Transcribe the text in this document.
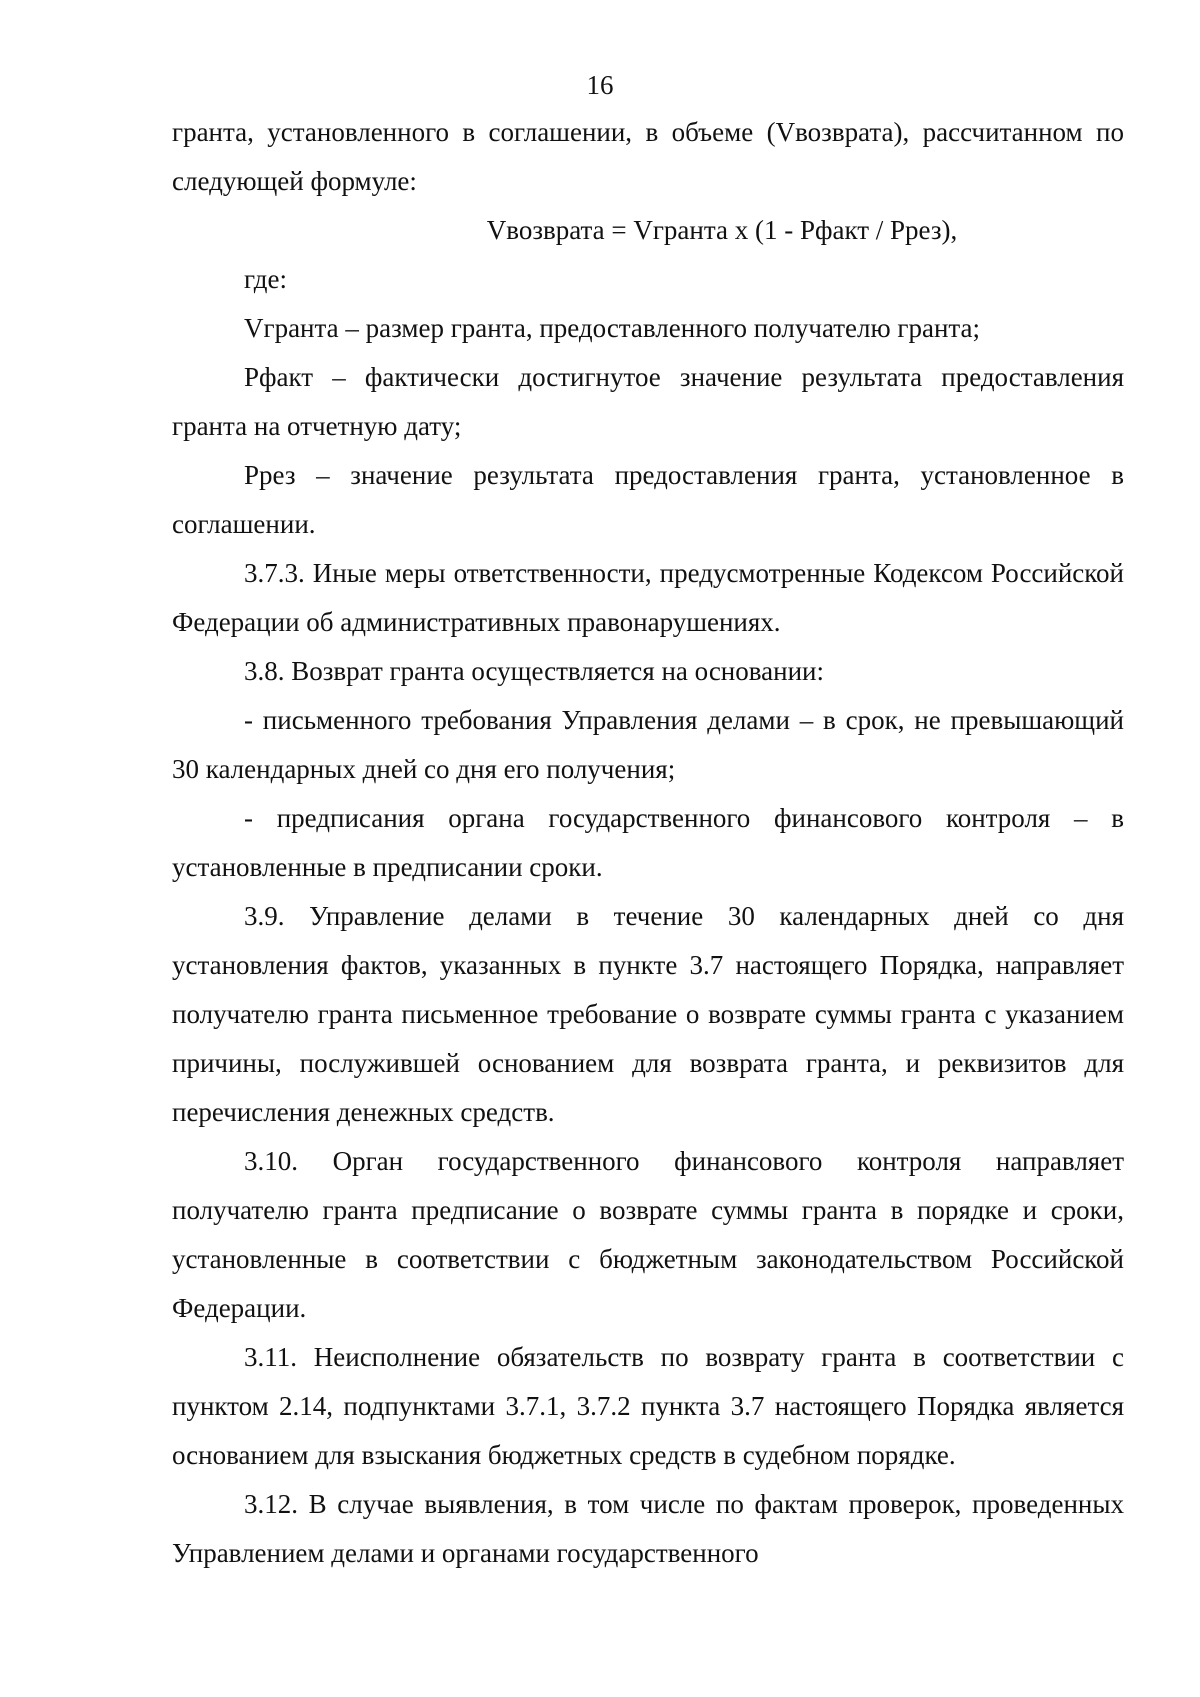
16

гранта, установленного в соглашении, в объеме (Vвозврата), рассчитанном по следующей формуле:

Vвозврата = Vгранта x (1 - Рфакт / Рpез),

где:

Vгранта – размер гранта, предоставленного получателю гранта;

Рфакт – фактически достигнутое значение результата предоставления гранта на отчетную дату;

Ррез – значение результата предоставления гранта, установленное в соглашении.

3.7.3. Иные меры ответственности, предусмотренные Кодексом Российской Федерации об административных правонарушениях.

3.8. Возврат гранта осуществляется на основании:

- письменного требования Управления делами – в срок, не превышающий 30 календарных дней со дня его получения;

- предписания органа государственного финансового контроля – в установленные в предписании сроки.

3.9. Управление делами в течение 30 календарных дней со дня установления фактов, указанных в пункте 3.7 настоящего Порядка, направляет получателю гранта письменное требование о возврате суммы гранта с указанием причины, послужившей основанием для возврата гранта, и реквизитов для перечисления денежных средств.

3.10. Орган государственного финансового контроля направляет получателю гранта предписание о возврате суммы гранта в порядке и сроки, установленные в соответствии с бюджетным законодательством Российской Федерации.

3.11. Неисполнение обязательств по возврату гранта в соответствии с пунктом 2.14, подпунктами 3.7.1, 3.7.2 пункта 3.7 настоящего Порядка является основанием для взыскания бюджетных средств в судебном порядке.

3.12. В случае выявления, в том числе по фактам проверок, проведенных Управлением делами и органами государственного
